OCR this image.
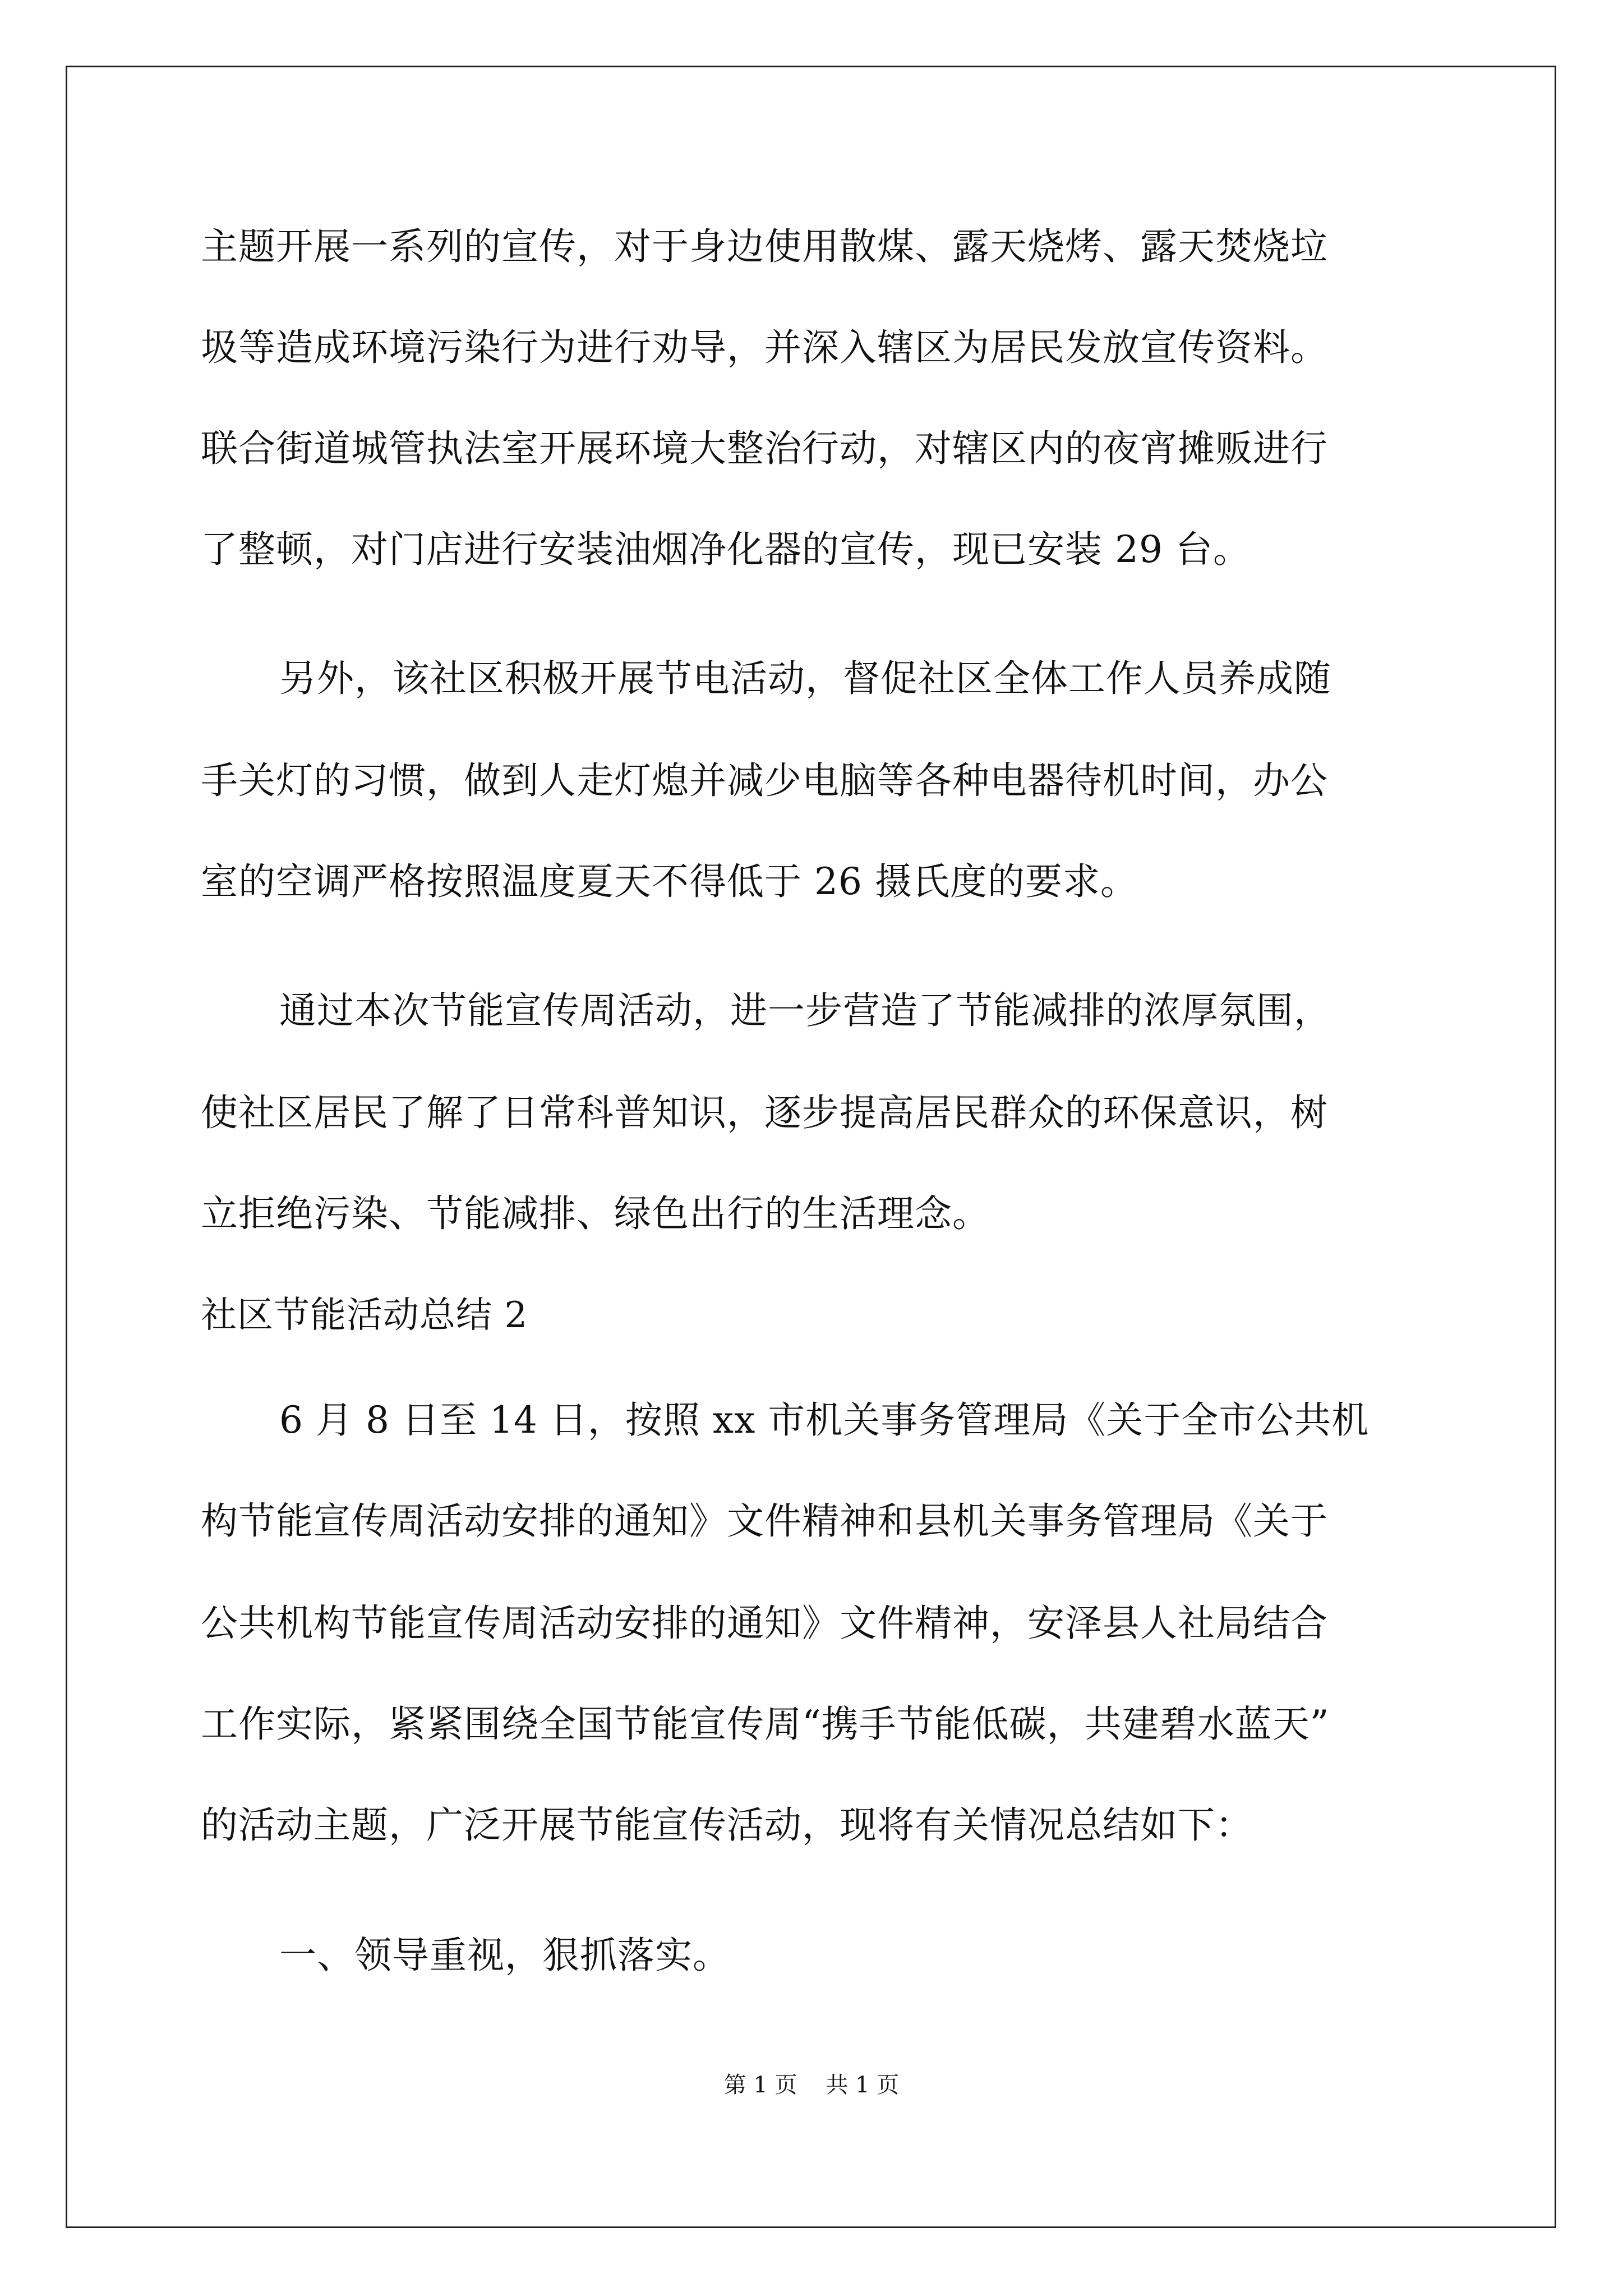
主题开展一系列的宣传，对于身边使用散煤、露天烧烤、露天焚烧垃
圾等造成环境污染行为进行劝导，并深入辖区为居民发放宣传资料。
联合街道城管执法室开展环境大整治行动，对辖区内的夜宵摊贩进行
了整顿，对门店进行安装油烟净化器的宣传，现已安装 29 台。
另外，该社区积极开展节电活动，督促社区全体工作人员养成随
手关灯的习惯，做到人走灯熄并减少电脑等各种电器待机时间，办公
室的空调严格按照温度夏天不得低于 26 摄氏度的要求。
通过本次节能宣传周活动，进一步营造了节能减排的浓厚氛围，
使社区居民了解了日常科普知识，逐步提高居民群众的环保意识，树
立拒绝污染、节能减排、绿色出行的生活理念。
社区节能活动总结 2
6 月 8 日至 14 日，按照 xx 市机关事务管理局《关于全市公共机
构节能宣传周活动安排的通知》文件精神和县机关事务管理局《关于
公共机构节能宣传周活动安排的通知》文件精神，安泽县人社局结合
工作实际，紧紧围绕全国节能宣传周“携手节能低碳，共建碧水蓝天”
的活动主题，广泛开展节能宣传活动，现将有关情况总结如下：
一、领导重视，狠抓落实。
第 1 页    共 1 页
